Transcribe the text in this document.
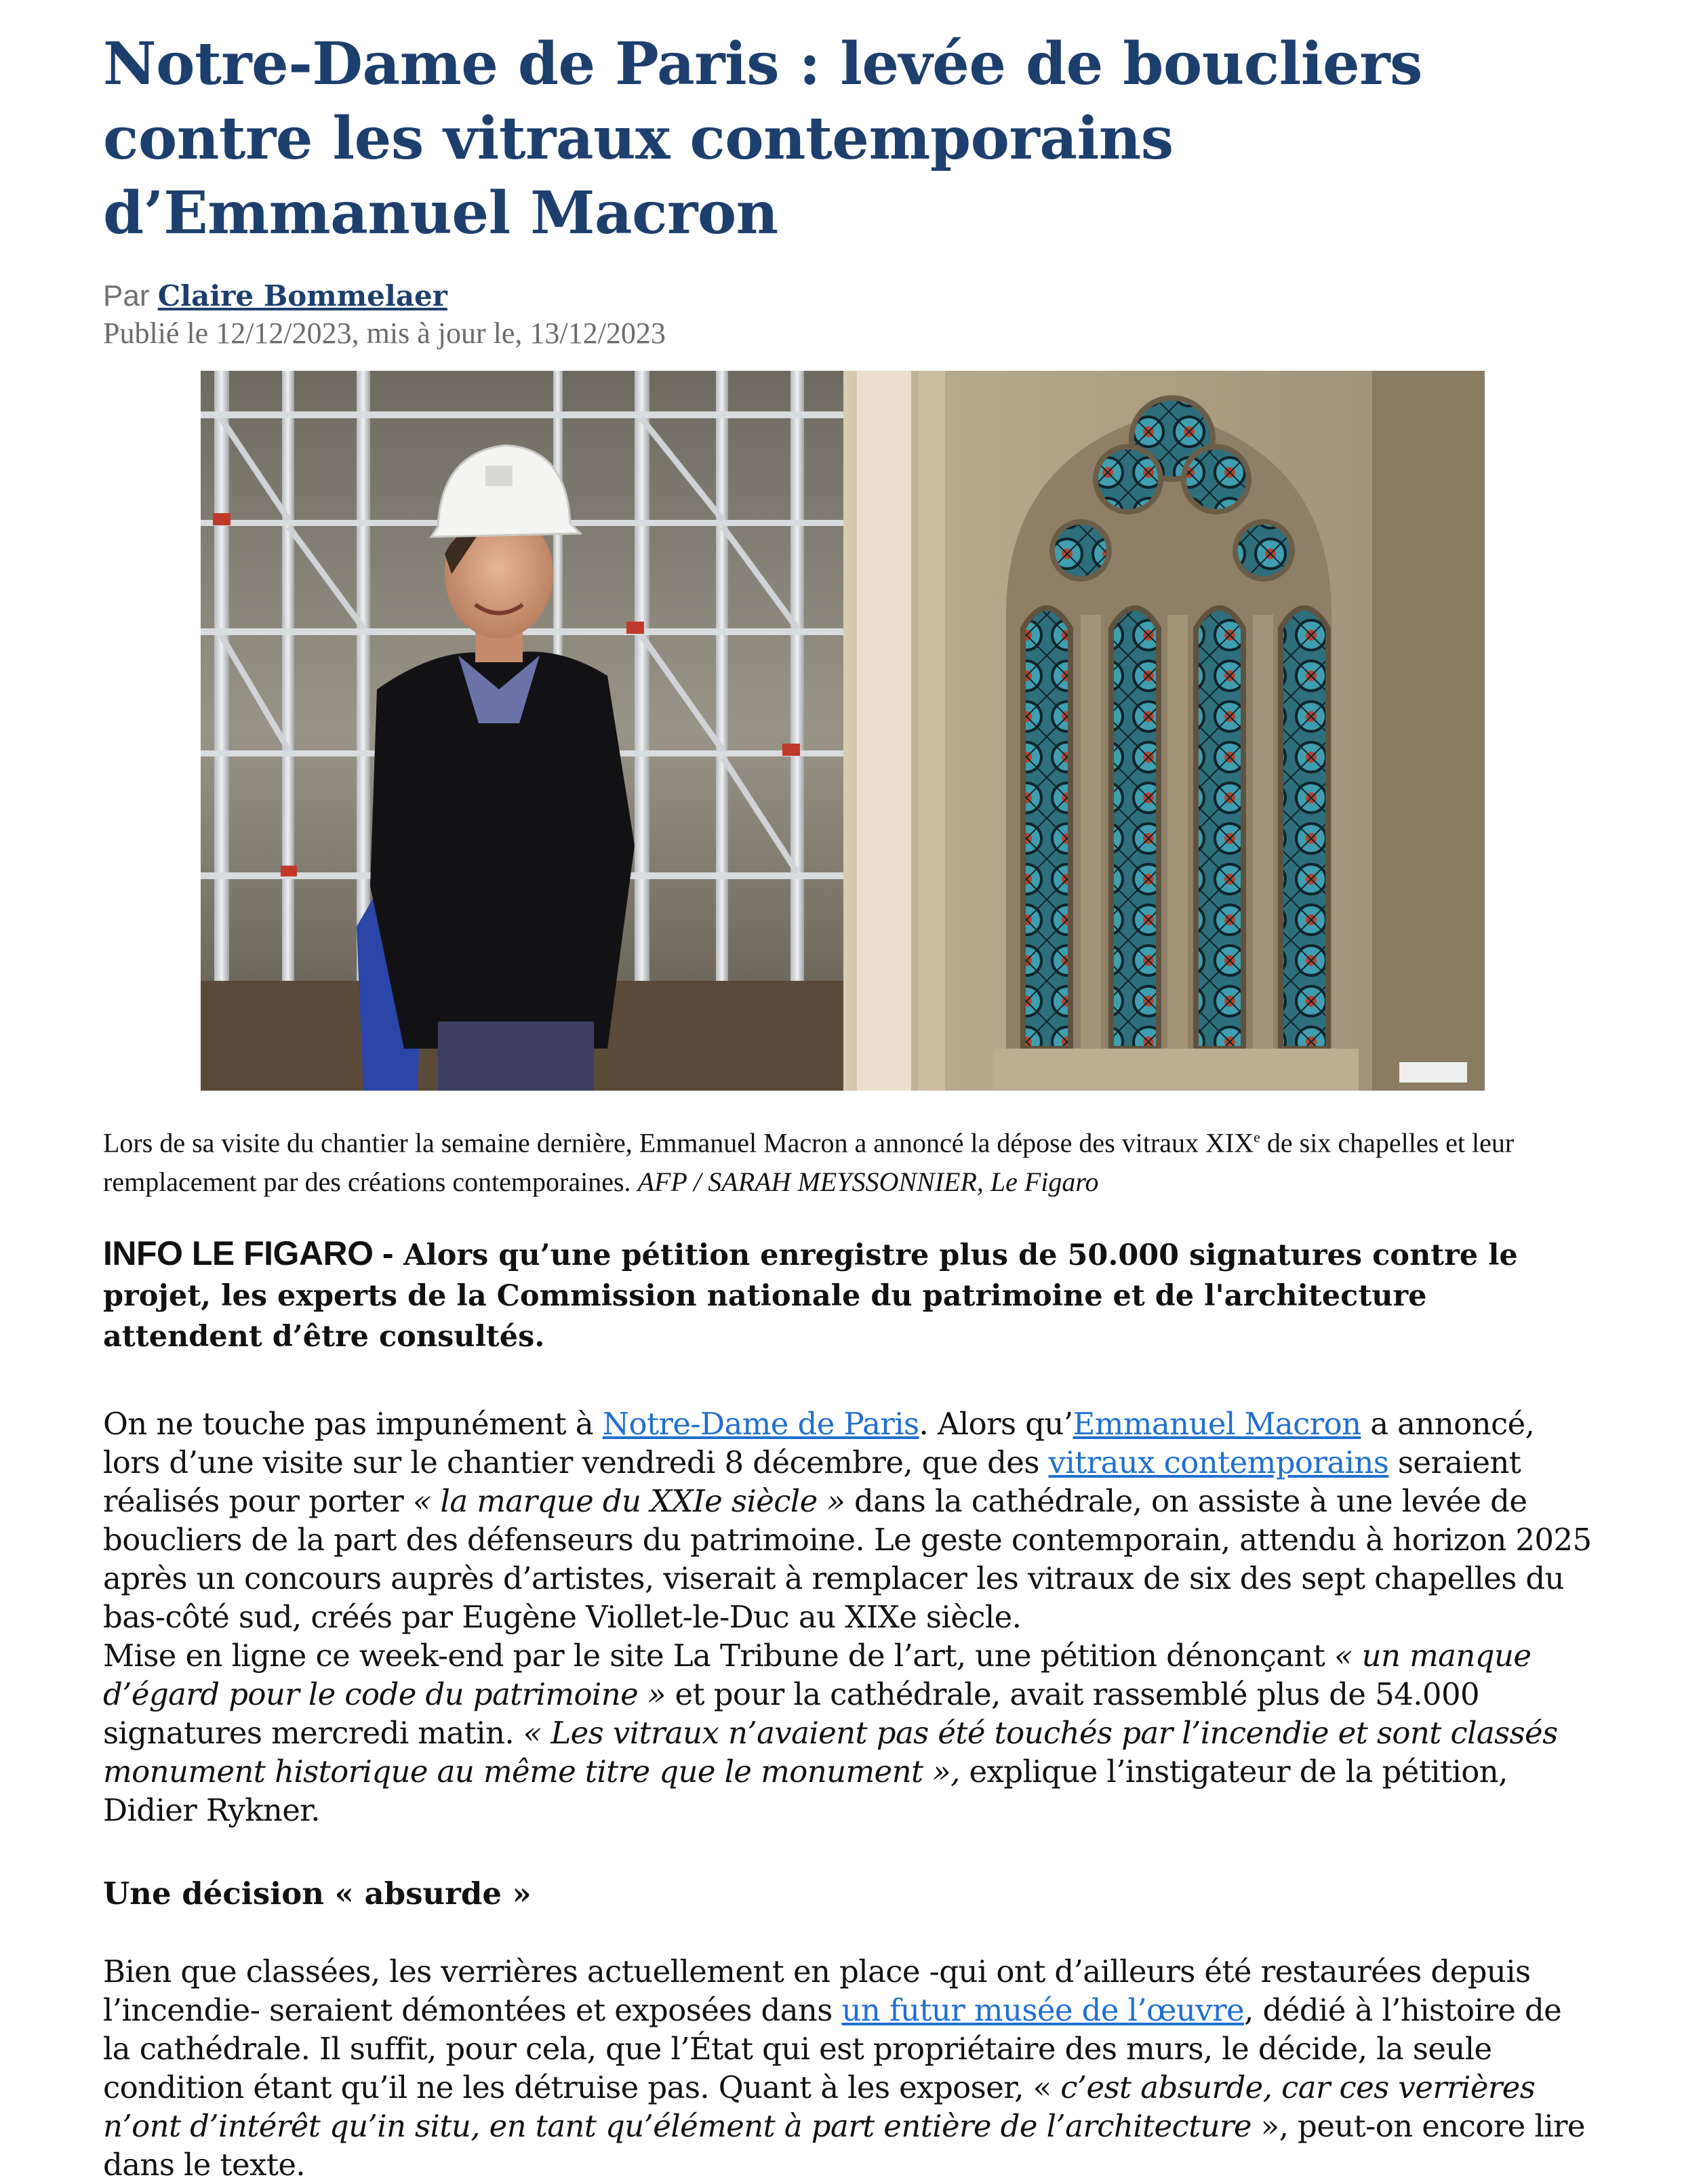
Notre-Dame de Paris : levée de boucliers contre les vitraux contemporains d’Emmanuel Macron
Par Claire Bommelaer
Publié le 12/12/2023, mis à jour le, 13/12/2023
Lors de sa visite du chantier la semaine dernière, Emmanuel Macron a annoncé la dépose des vitraux XIXe de six chapelles et leur remplacement par des créations contemporaines. AFP / SARAH MEYSSONNIER, Le Figaro
INFO LE FIGARO - Alors qu’une pétition enregistre plus de 50.000 signatures contre le projet, les experts de la Commission nationale du patrimoine et de l'architecture attendent d’être consultés.

On ne touche pas impunément à Notre-Dame de Paris. Alors qu’Emmanuel Macron a annoncé, lors d’une visite sur le chantier vendredi 8 décembre, que des vitraux contemporains seraient réalisés pour porter « la marque du XXIe siècle » dans la cathédrale, on assiste à une levée de boucliers de la part des défenseurs du patrimoine. Le geste contemporain, attendu à horizon 2025 après un concours auprès d’artistes, viserait à remplacer les vitraux de six des sept chapelles du bas-côté sud, créés par Eugène Viollet-le-Duc au XIXe siècle.

Mise en ligne ce week-end par le site La Tribune de l’art, une pétition dénonçant « un manque d’égard pour le code du patrimoine » et pour la cathédrale, avait rassemblé plus de 54.000 signatures mercredi matin. « Les vitraux n’avaient pas été touchés par l’incendie et sont classés monument historique au même titre que le monument », explique l’instigateur de la pétition, Didier Rykner.

Une décision « absurde »

Bien que classées, les verrières actuellement en place -qui ont d’ailleurs été restaurées depuis l’incendie- seraient démontées et exposées dans un futur musée de l’œuvre, dédié à l’histoire de la cathédrale. Il suffit, pour cela, que l’État qui est propriétaire des murs, le décide, la seule condition étant qu’il ne les détruise pas. Quant à les exposer, « c’est absurde, car ces verrières n’ont d’intérêt qu’in situ, en tant qu’élément à part entière de l’architecture », peut-on encore lire dans le texte.
